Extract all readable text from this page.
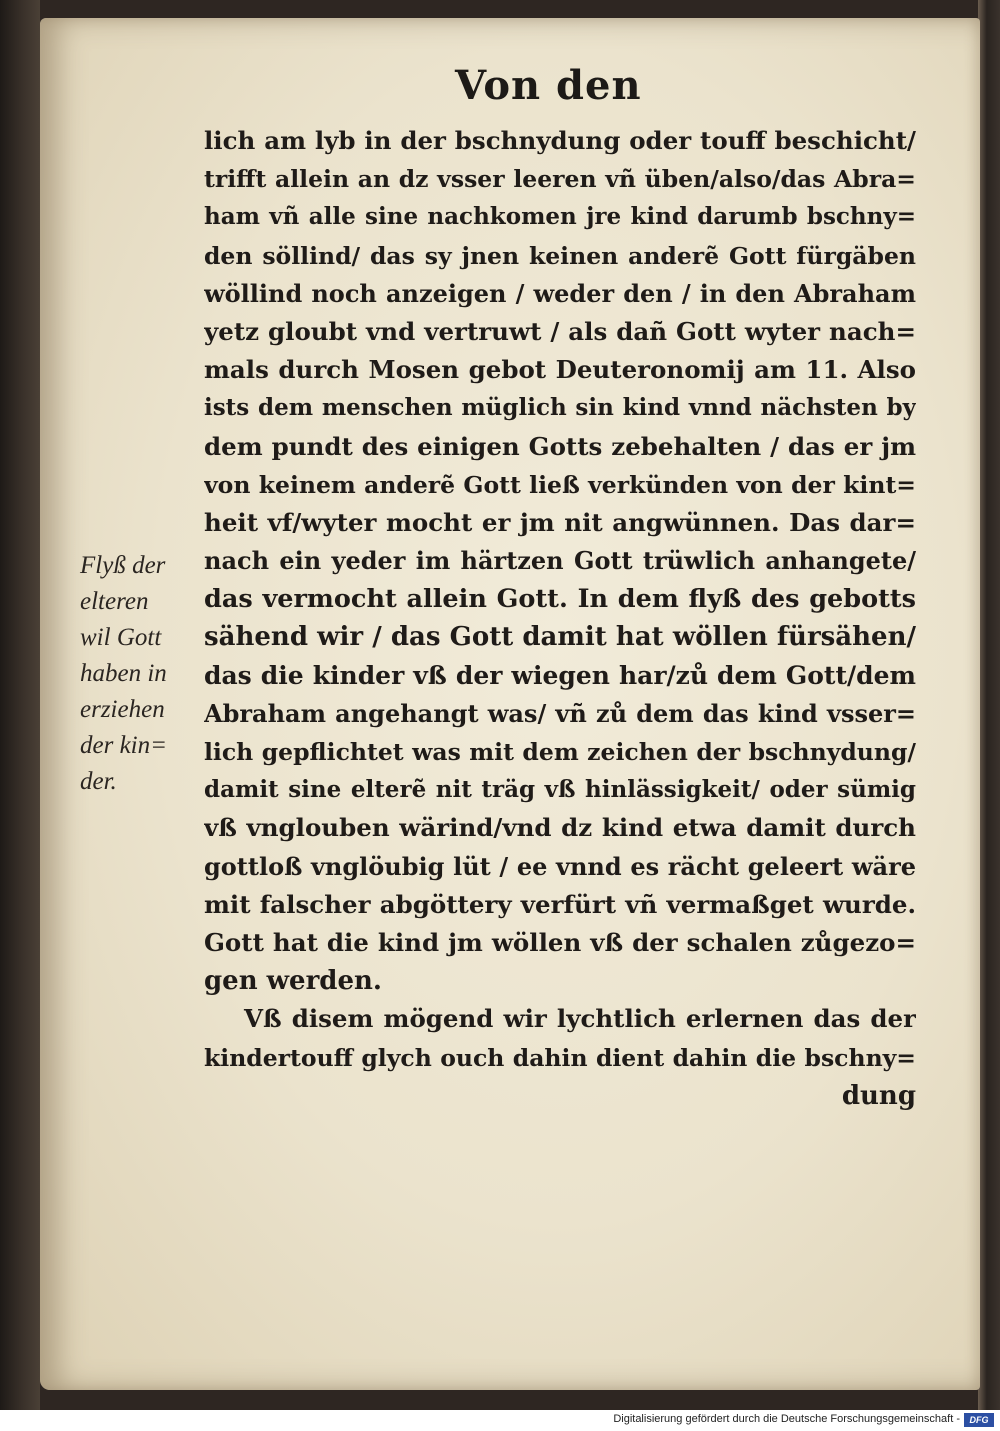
Von den
lich am lyb in der bschnydung oder touff beschicht/
trifft allein an dz vsser leeren vñ üben/also/das Abra=
ham vñ alle sine nachkomen jre kind darumb bschny=
den söllind/ das sy jnen keinen anderẽ Gott fürgäben
wöllind noch anzeigen / weder den / in den Abraham
yetz gloubt vnd vertruwt / als dañ Gott wyter nach=
mals durch Mosen gebot Deuteronomij am 11. Also
ists dem menschen müglich sin kind vnnd nächsten by
dem pundt des einigen Gotts zebehalten / das er jm
von keinem anderẽ Gott ließ verkünden von der kint=
heit vf/wyter mocht er jm nit angwünnen. Das dar=
nach ein yeder im härtzen Gott trüwlich anhangete/
das vermocht allein Gott. In dem flyß des gebotts
sähend wir / das Gott damit hat wöllen fürsähen/
das die kinder vß der wiegen har/zů dem Gott/dem
Abraham angehangt was/ vñ zů dem das kind vsser=
lich gepflichtet was mit dem zeichen der bschnydung/
damit sine elterẽ nit träg vß hinlässigkeit/ oder sümig
vß vnglouben wärind/vnd dz kind etwa damit durch
gottloß vnglöubig lüt / ee vnnd es rächt geleert wäre
mit falscher abgöttery verfürt vñ vermaßget wurde.
Gott hat die kind jm wöllen vß der schalen zůgezo=
gen werden.
Vß disem mögend wir lychtlich erlernen das der
kindertouff glych ouch dahin dient dahin die bschny=
dung
Flyß der
elteren
wil Gott
haben in
erziehen
der kin=
der.
Digitalisierung gefördert durch die Deutsche Forschungsgemeinschaft -	DFG
